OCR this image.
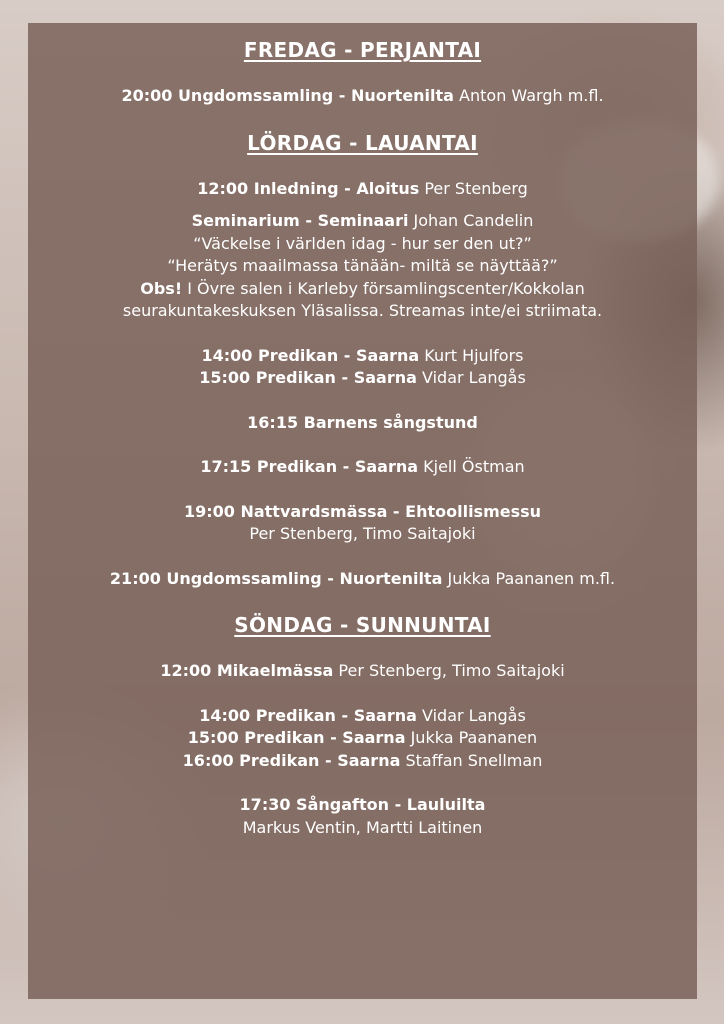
FREDAG - PERJANTAI

20:00 Ungdomssamling - Nuortenilta Anton Wargh m.fl.

LÖRDAG - LAUANTAI

12:00 Inledning - Aloitus Per Stenberg

Seminarium - Seminaari Johan Candelin

“Väckelse i världen idag - hur ser den ut?”

“Herätys maailmassa tänään- miltä se näyttää?”

Obs! I Övre salen i Karleby församlingscenter/Kokkolan

seurakuntakeskuksen Yläsalissa. Streamas inte/ei striimata.

14:00 Predikan - Saarna Kurt Hjulfors

15:00 Predikan - Saarna Vidar Langås

16:15 Barnens sångstund

17:15 Predikan - Saarna Kjell Östman

19:00 Nattvardsmässa - Ehtoollismessu

Per Stenberg, Timo Saitajoki

21:00 Ungdomssamling - Nuortenilta Jukka Paananen m.fl.

SÖNDAG - SUNNUNTAI

12:00 Mikaelmässa Per Stenberg, Timo Saitajoki

14:00 Predikan - Saarna Vidar Langås

15:00 Predikan - Saarna Jukka Paananen

16:00 Predikan - Saarna Staffan Snellman

17:30 Sångafton - Lauluilta

Markus Ventin, Martti Laitinen
